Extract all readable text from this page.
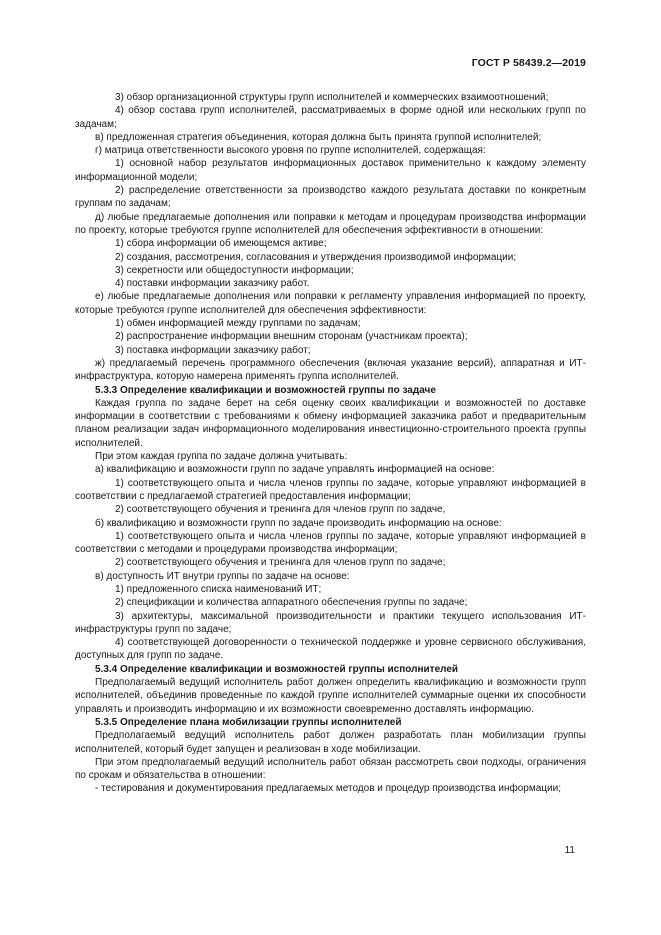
ГОСТ Р 58439.2—2019

3) обзор организационной структуры групп исполнителей и коммерческих взаимоотношений;

4) обзор состава групп исполнителей, рассматриваемых в форме одной или нескольких групп по задачам;

в) предложенная стратегия объединения, которая должна быть принята группой исполнителей;

г) матрица ответственности высокого уровня по группе исполнителей, содержащая:

1) основной набор результатов информационных доставок применительно к каждому элементу информационной модели;

2) распределение ответственности за производство каждого результата доставки по конкретным группам по задачам;

д) любые предлагаемые дополнения или поправки к методам и процедурам производства информации по проекту, которые требуются группе исполнителей для обеспечения эффективности в отношении:

1) сбора информации об имеющемся активе;

2) создания, рассмотрения, согласования и утверждения производимой информации;

3) секретности или общедоступности информации;

4) поставки информации заказчику работ.

е) любые предлагаемые дополнения или поправки к регламенту управления информацией по проекту, которые требуются группе исполнителей для обеспечения эффективности:

1) обмен информацией между группами по задачам;

2) распространение информации внешним сторонам (участникам проекта);

3) поставка информации заказчику работ;

ж) предлагаемый перечень программного обеспечения (включая указание версий), аппаратная и ИТ-инфраструктура, которую намерена применять группа исполнителей.

5.3.3 Определение квалификации и возможностей группы по задаче

Каждая группа по задаче берет на себя оценку своих квалификации и возможностей по доставке информации в соответствии с требованиями к обмену информацией заказчика работ и предварительным планом реализации задач информационного моделирования инвестиционно-строительного проекта группы исполнителей.

При этом каждая группа по задаче должна учитывать:

а) квалификацию и возможности групп по задаче управлять информацией на основе:

1) соответствующего опыта и числа членов группы по задаче, которые управляют информацией в соответствии с предлагаемой стратегией предоставления информации;

2) соответствующего обучения и тренинга для членов групп по задаче,

б) квалификацию и возможности групп по задаче производить информацию на основе:

1) соответствующего опыта и числа членов группы по задаче, которые управляют информацией в соответствии с методами и процедурами производства информации;

2) соответствующего обучения и тренинга для членов групп по задаче;

в) доступность ИТ внутри группы по задаче на основе:

1) предложенного списка наименований ИТ;

2) спецификации и количества аппаратного обеспечения группы по задаче;

3) архитектуры, максимальной производительности и практики текущего использования ИТ-инфраструктуры групп по задаче;

4) соответствующей договоренности о технической поддержке и уровне сервисного обслуживания, доступных для групп по задаче.

5.3.4 Определение квалификации и возможностей группы исполнителей

Предполагаемый ведущий исполнитель работ должен определить квалификацию и возможности групп исполнителей, объединив проведенные по каждой группе исполнителей суммарные оценки их способности управлять и производить информацию и их возможности своевременно доставлять информацию.

5.3.5 Определение плана мобилизации группы исполнителей

Предполагаемый ведущий исполнитель работ должен разработать план мобилизации группы исполнителей, который будет запущен и реализован в ходе мобилизации.

При этом предполагаемый ведущий исполнитель работ обязан рассмотреть свои подходы, ограничения по срокам и обязательства в отношении:

- тестирования и документирования предлагаемых методов и процедур производства информации;

11
